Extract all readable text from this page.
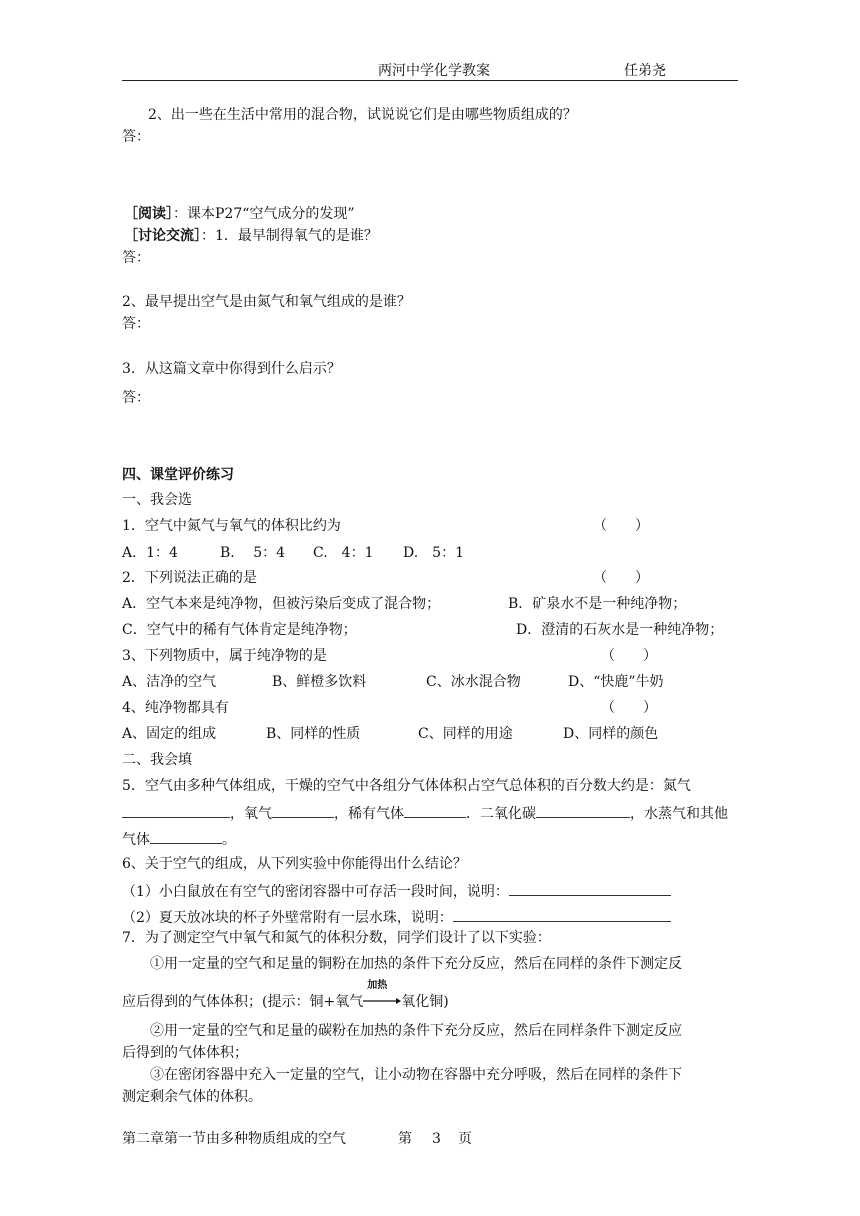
两河中学化学教案	任弟尧
2、出一些在生活中常用的混合物，试说说它们是由哪些物质组成的？
答：
［阅读］：课本P27“空气成分的发现”
［讨论交流］：1．最早制得氧气的是谁？
答：
2、最早提出空气是由氮气和氧气组成的是谁？
答：
3．从这篇文章中你得到什么启示？
答：
四、课堂评价练习
一、我会选
1．空气中氮气与氧气的体积比约为	（　　）
A．1：4	B.　 5：4 C.　4：1 D.　5：1
2．下列说法正确的是	（　　）
A．空气本来是纯净物，但被污染后变成了混合物；	B．矿泉水不是一种纯净物；
C．空气中的稀有气体肯定是纯净物；	D．澄清的石灰水是一种纯净物；
3、下列物质中，属于纯净物的是	（　　）
A、洁净的空气	B、鲜橙多饮料	C、冰水混合物	D、“快鹿”牛奶
4、纯净物都具有	（　　）
A、固定的组成	B、同样的性质	C、同样的用途	D、同样的颜色
二、我会填
5．空气由多种气体组成，干燥的空气中各组分气体体积占空气总体积的百分数大约是：氮气
，氧气	，稀有气体	．二氧化碳	，水蒸气和其他
气体	。
6、关于空气的组成，从下列实验中你能得出什么结论？
（1）小白鼠放在有空气的密闭容器中可存活一段时间，说明：
（2）夏天放冰块的杯子外壁常附有一层水珠，说明：
7．为了测定空气中氧气和氮气的体积分数，同学们设计了以下实验：
①用一定量的空气和足量的铜粉在加热的条件下充分反应，然后在同样的条件下测定反
应后得到的气体体积；(提示：铜+氧气
加热
氧化铜)
②用一定量的空气和足量的碳粉在加热的条件下充分反应，然后在同样条件下测定反应
后得到的气体体积；
③在密闭容器中充入一定量的空气，让小动物在容器中充分呼吸，然后在同样的条件下
测定剩余气体的体积。
第二章第一节由多种物质组成的空气	第 3 页
